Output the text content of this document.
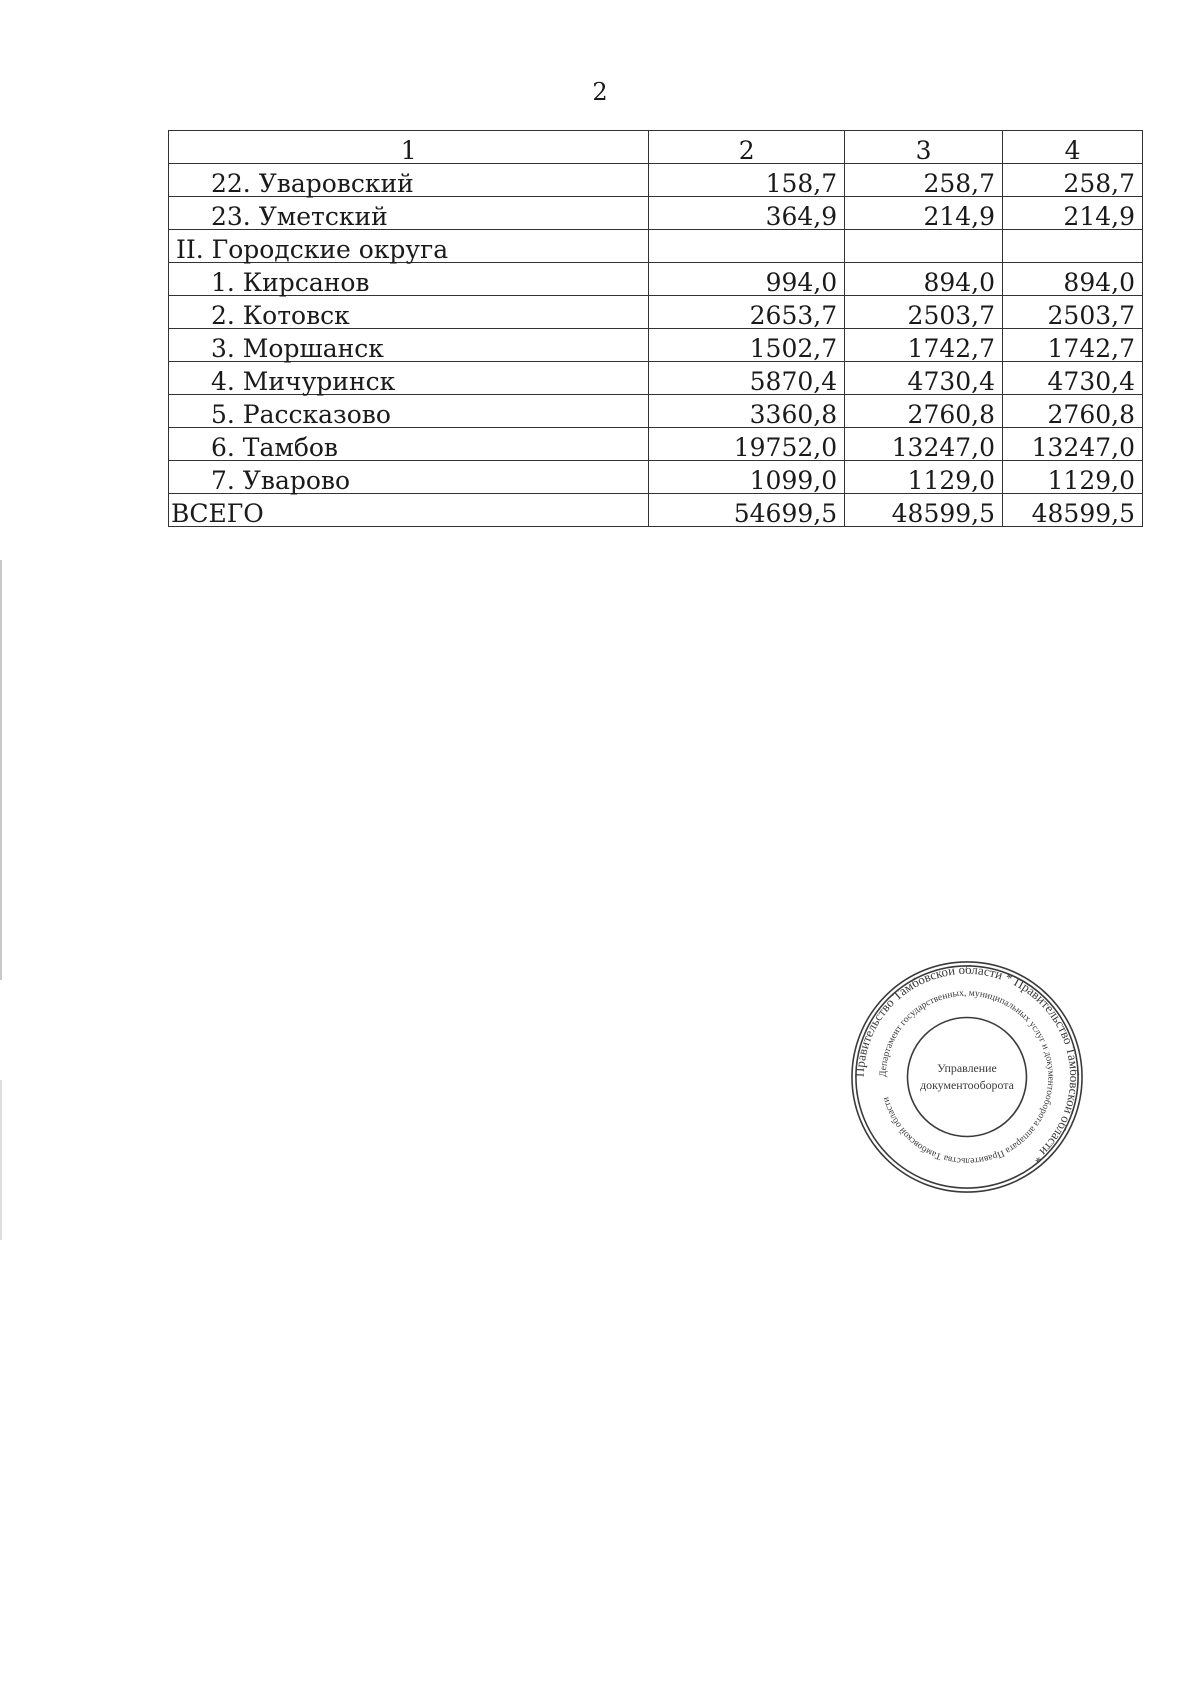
2
1	2	3	4
22. Уваровский	158,7	258,7	258,7
23. Уметский	364,9	214,9	214,9
II. Городские округа			
1. Кирсанов	994,0	894,0	894,0
2. Котовск	2653,7	2503,7	2503,7
3. Моршанск	1502,7	1742,7	1742,7
4. Мичуринск	5870,4	4730,4	4730,4
5. Рассказово	3360,8	2760,8	2760,8
6. Тамбов	19752,0	13247,0	13247,0
7. Уварово	1099,0	1129,0	1129,0
ВСЕГО	54699,5	48599,5	48599,5
Правительство Тамбовской области * Правительство Тамбовской области *
Департамент государственных, муниципальных услуг и документооборота аппарата Правительства Тамбовской области
Управление
документооборота
